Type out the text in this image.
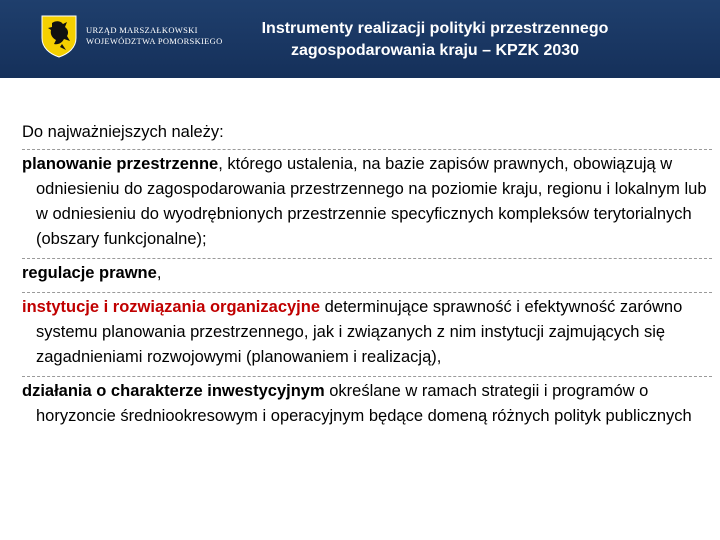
URZĄD MARSZAŁKOWSKI
WOJEWÓDZTWA POMORSKIEGO
Instrumenty realizacji polityki przestrzennego
zagospodarowania kraju – KPZK 2030
Do najważniejszych należy:
planowanie przestrzenne, którego ustalenia, na bazie zapisów prawnych, obowiązują w odniesieniu do zagospodarowania przestrzennego na poziomie kraju, regionu i lokalnym lub w odniesieniu do wyodrębnionych przestrzennie specyficznych kompleksów terytorialnych (obszary funkcjonalne);
regulacje prawne,
instytucje i rozwiązania organizacyjne determinujące sprawność i efektywność zarówno systemu planowania przestrzennego, jak i związanych z nim instytucji zajmujących się zagadnieniami rozwojowymi (planowaniem i realizacją),
działania o charakterze inwestycyjnym określane w ramach strategii i programów o horyzoncie średniookresowym i operacyjnym będące domeną różnych polityk publicznych
